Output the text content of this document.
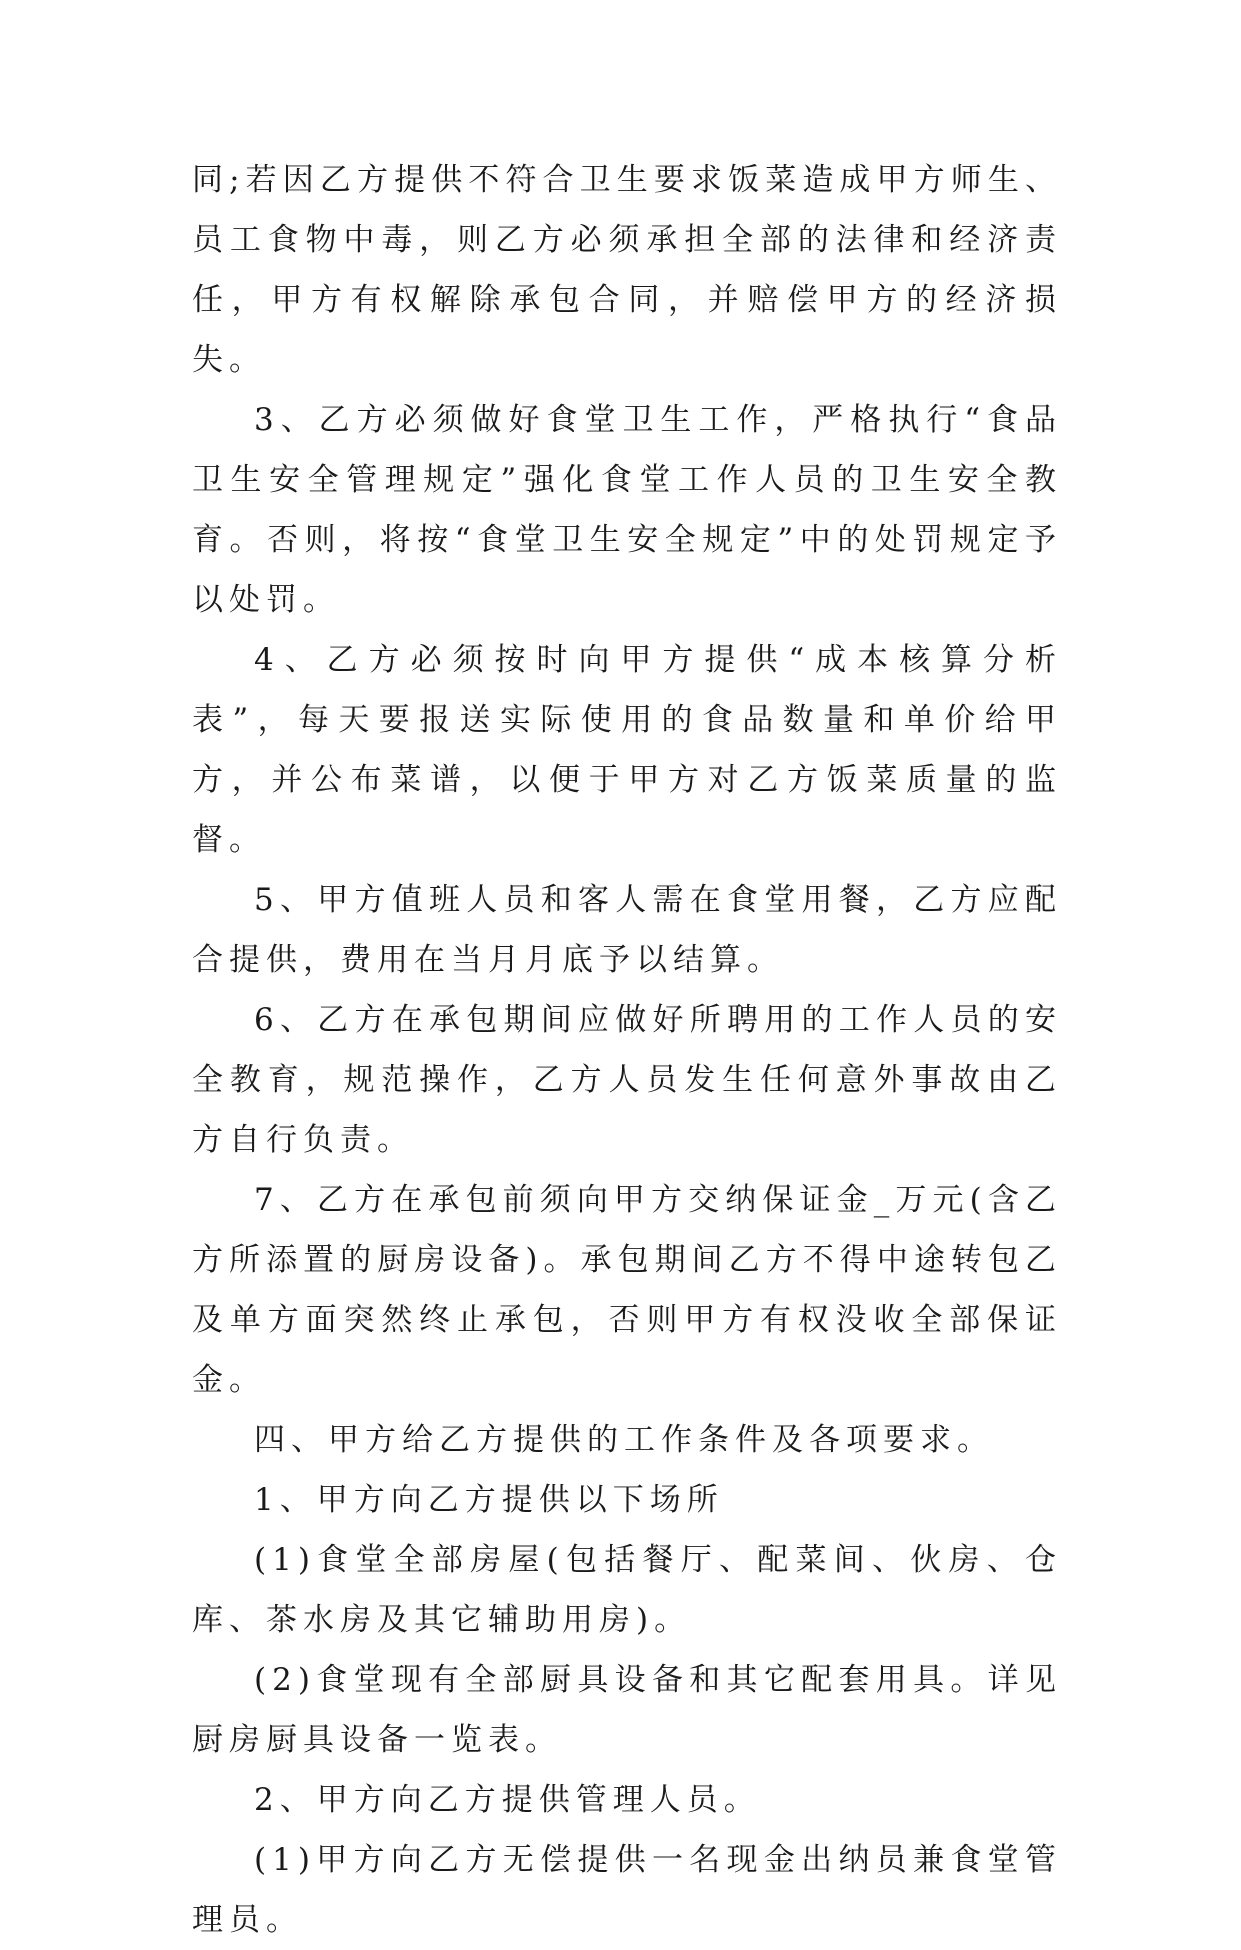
同;若因乙方提供不符合卫生要求饭菜造成甲方师生、员工食物中毒，则乙方必须承担全部的法律和经济责任，甲方有权解除承包合同，并赔偿甲方的经济损失。

3、乙方必须做好食堂卫生工作，严格执行“食品卫生安全管理规定”强化食堂工作人员的卫生安全教育。否则，将按“食堂卫生安全规定”中的处罚规定予以处罚。

4、乙方必须按时向甲方提供“成本核算分析表”，每天要报送实际使用的食品数量和单价给甲方，并公布菜谱，以便于甲方对乙方饭菜质量的监督。

5、甲方值班人员和客人需在食堂用餐，乙方应配合提供，费用在当月月底予以结算。

6、乙方在承包期间应做好所聘用的工作人员的安全教育，规范操作，乙方人员发生任何意外事故由乙方自行负责。

7、乙方在承包前须向甲方交纳保证金_万元(含乙方所添置的厨房设备)。承包期间乙方不得中途转包乙及单方面突然终止承包，否则甲方有权没收全部保证金。

四、甲方给乙方提供的工作条件及各项要求。

1、甲方向乙方提供以下场所

(1)食堂全部房屋(包括餐厅、配菜间、伙房、仓库、茶水房及其它辅助用房)。

(2)食堂现有全部厨具设备和其它配套用具。详见厨房厨具设备一览表。

2、甲方向乙方提供管理人员。

(1)甲方向乙方无偿提供一名现金出纳员兼食堂管理员。
